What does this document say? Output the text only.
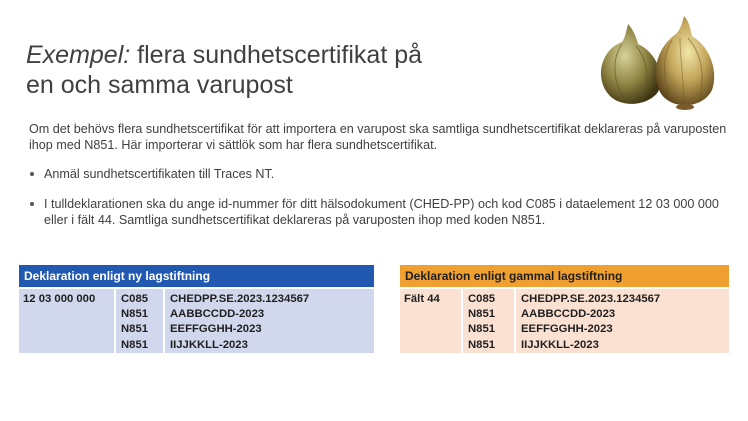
Exempel: flera sundhetscertifikat på
en och samma varupost
Om det behövs flera sundhetscertifikat för att importera en varupost ska samtliga sundhetscertifikat deklareras på varuposten ihop med N851. Här importerar vi sättlök som har flera sundhetscertifikat.
Anmäl sundhetscertifikaten till Traces NT.
I tulldeklarationen ska du ange id-nummer för ditt hälsodokument (CHED-PP) och kod C085 i dataelement 12 03 000 000 eller i fält 44. Samtliga sundhetscertifikat deklareras på varuposten ihop med koden N851.
Deklaration enligt ny lagstiftning
12 03 000 000	C085
N851
N851
N851
CHEDPP.SE.2023.1234567
AABBCCDD-2023
EEFFGGHH-2023
IIJJKKLL-2023
Deklaration enligt gammal lagstiftning
Fält 44	C085
N851
N851
N851
CHEDPP.SE.2023.1234567
AABBCCDD-2023
EEFFGGHH-2023
IIJJKKLL-2023
